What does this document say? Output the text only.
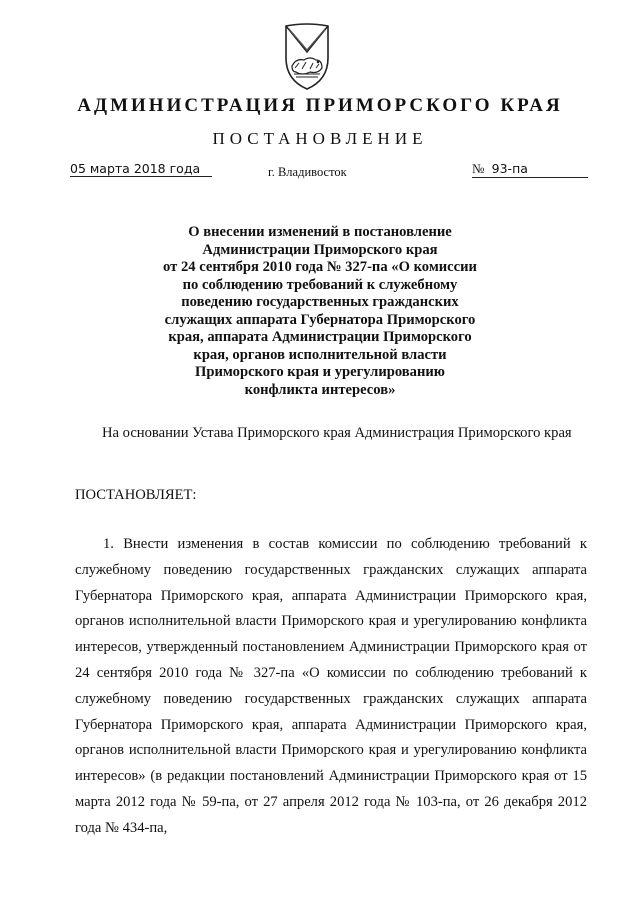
АДМИНИСТРАЦИЯ ПРИМОРСКОГО КРАЯ
ПОСТАНОВЛЕНИЕ
05 марта 2018 года	г. Владивосток	№ 93-па
О внесении изменений в постановление
Администрации Приморского края
от 24 сентября 2010 года № 327-па «О комиссии
по соблюдению требований к служебному
поведению государственных гражданских
служащих аппарата Губернатора Приморского
края, аппарата Администрации Приморского
края, органов исполнительной власти
Приморского края и урегулированию
конфликта интересов»
На основании Устава Приморского края Администрация Приморского края
ПОСТАНОВЛЯЕТ:

1. Внести изменения в состав комиссии по соблюдению требований к служебному поведению государственных гражданских служащих аппарата Губернатора Приморского края, аппарата Администрации Приморского края, органов исполнительной власти Приморского края и урегулированию конфликта интересов, утвержденный постановлением Администрации Приморского края от 24 сентября 2010 года № 327-па «О комиссии по соблюдению требований к служебному поведению государственных гражданских служащих аппарата Губернатора Приморского края, аппарата Администрации Приморского края, органов исполнительной власти Приморского края и урегулированию конфликта интересов» (в редакции постановлений Администрации Приморского края от 15 марта 2012 года № 59-па, от 27 апреля 2012 года № 103-па, от 26 декабря 2012 года № 434-па,
